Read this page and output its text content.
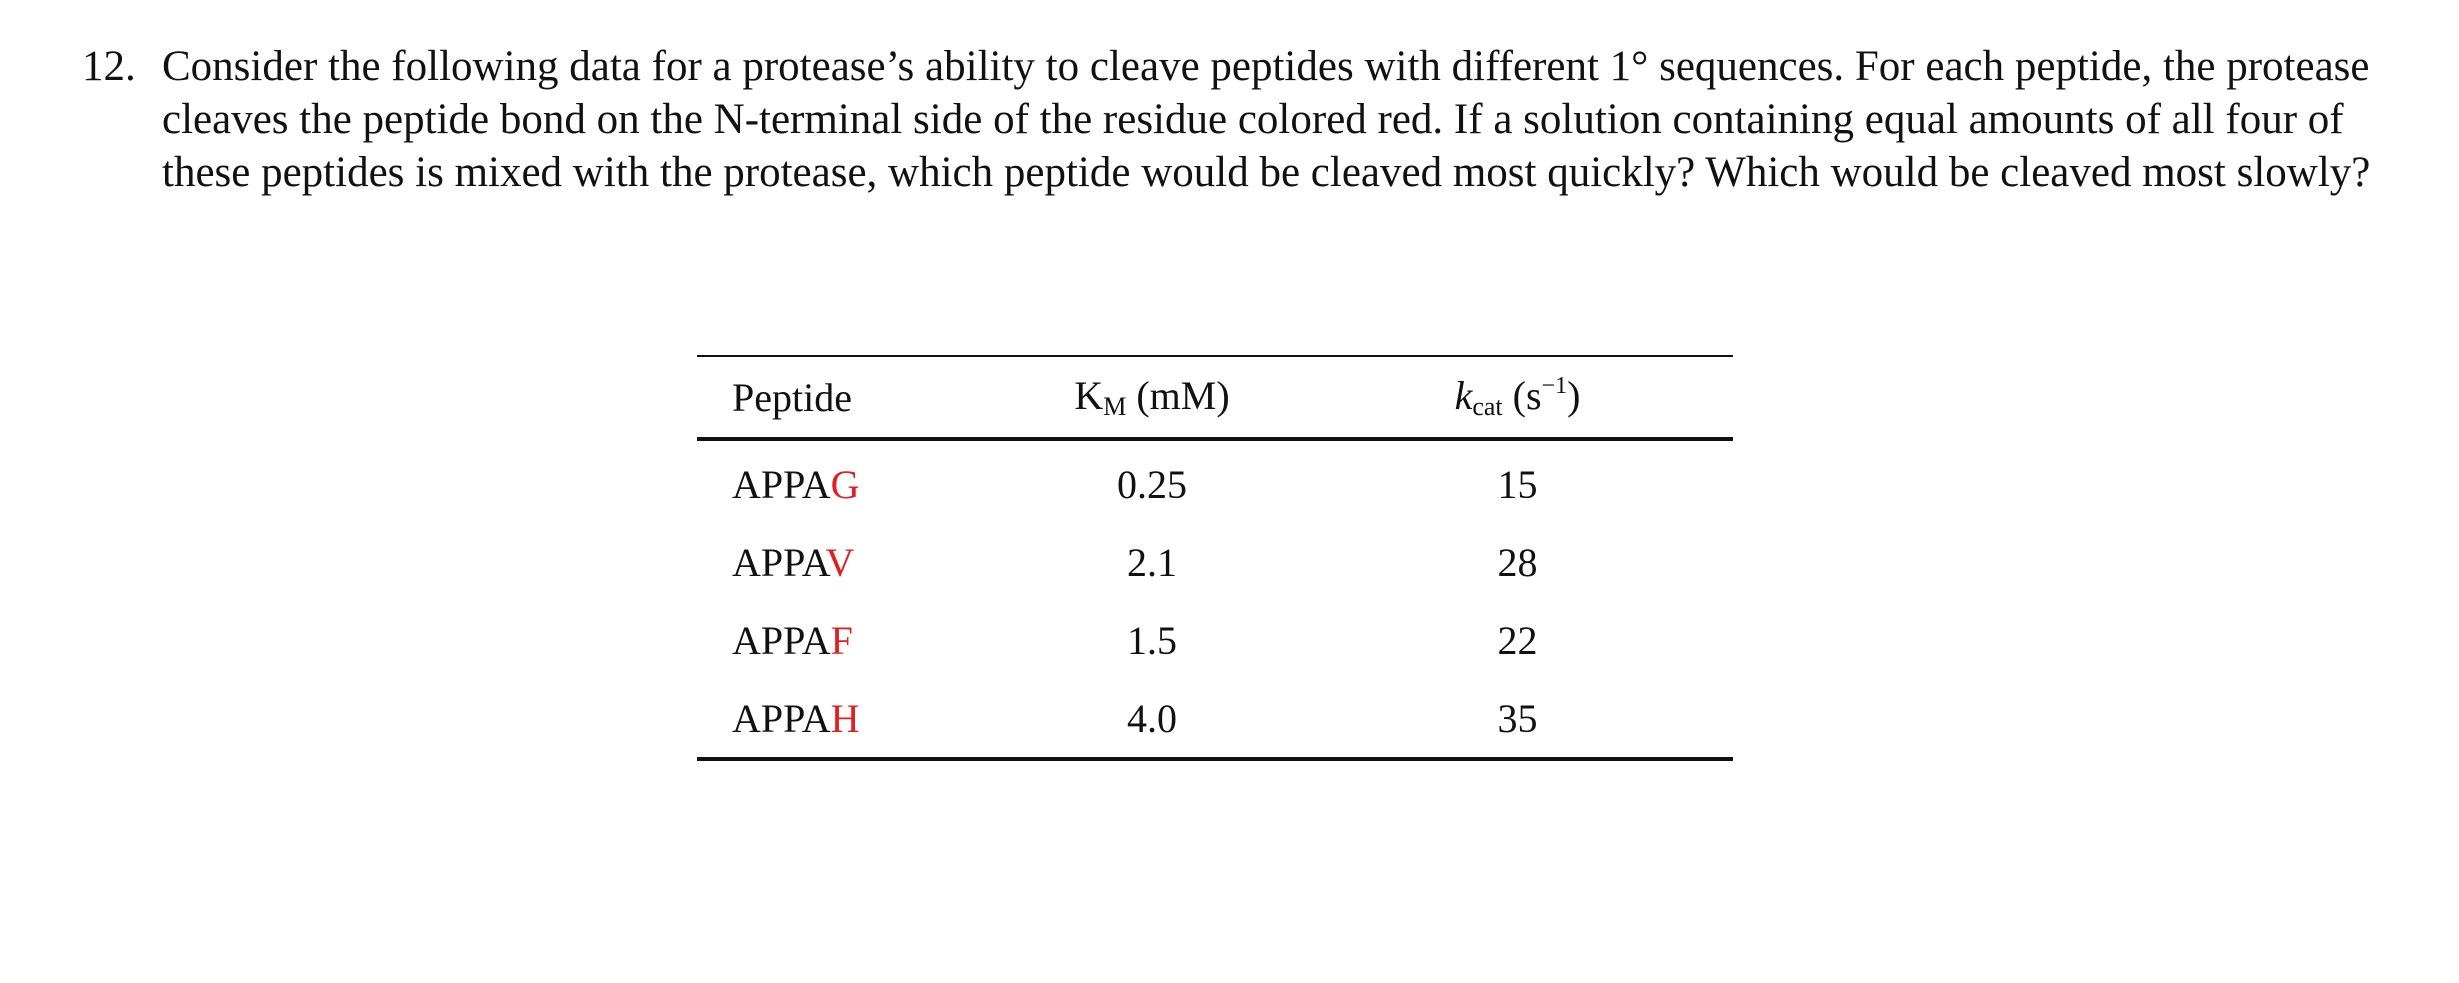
12. Consider the following data for a protease’s ability to cleave peptides with different 1° sequences. For each peptide, the protease cleaves the peptide bond on the N-terminal side of the residue colored red. If a solution containing equal amounts of all four of these peptides is mixed with the protease, which peptide would be cleaved most quickly? Which would be cleaved most slowly?
Peptide	$K_M$ (mM)	$k_{cat}$ $(s^{-1})$
APPAG	0.25	15
APPAV	2.1	28
APPAF	1.5	22
APPAH	4.0	35
